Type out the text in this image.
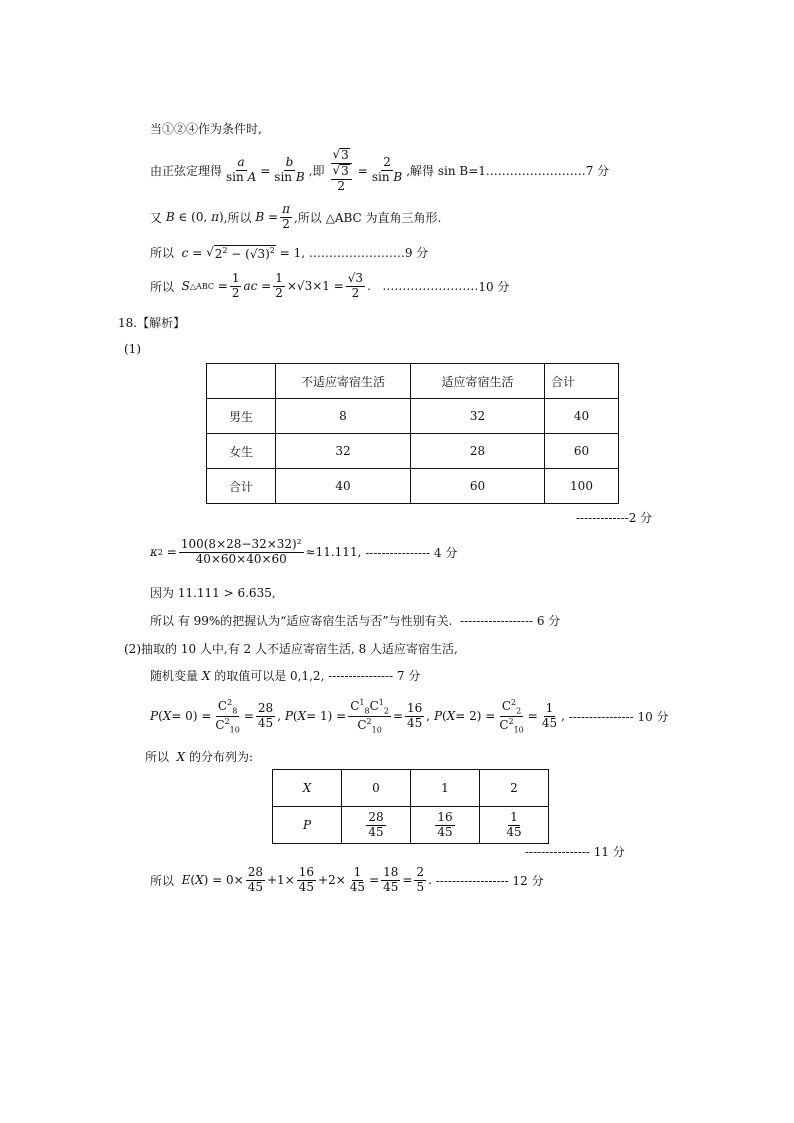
当①②④作为条件时,
由正弦定理得 $\frac{a}{\text{sin A}} = \frac{b}{\text{sin B}}$ ,即 $\frac{√ 3}{\frac{√ 3}{2}} = \frac{2}{\text{sin B}}$ ,解得 sin B=1. …………………… 7 分
又 B ∈ (0, π) ,所以 $B = \frac{\pi}{2}$ ,所以 △ABC 为直角三角形.
所以
c = √ $2^2 - (√3)^2 = 1$, …………………… 9 分
所以
S △ABC = $\frac{1}{2}$ ac = $\frac{1}{2} \times√3\times 1 = \frac{√3}{2}$ .
…………………… 10 分
18.【解析】
(1)
	不适应寄宿生活	适应寄宿生活	合计
男生	8	32	40
女生	32	28	60
合计	40	60	100
-------------2 分
κ $2 = \frac{\text{100(8×28−32×32)²}}{40\times 60\times 40\times 60} \approx 11.111$,
---------------- 4 分
因为 11.111 > 6.635,
所以 有 99%的把握认为“适应寄宿生活与否”与性别有关.
------------------ 6 分
(2)抽取的 10 人中,有 2 人不适应寄宿生活, 8 人适应寄宿生活,
随机变量
X
的取值可以是 0,1,2,
---------------- 7 分
P ( $X = 0) = \frac{C^2_8}{C^2_{10}} = \frac{28}{45}$ , P ( $X = 1) = \frac{C^1_8C^1_2}{C^2_{10}} = \frac{16}{45}$ , P ( $X = 2) = \frac{C^2_2}{C^2_{10}} = \frac{1}{45}$ , ---------------- 10 分
所以
X
的分布列为:
X	0	1	2
P	$\frac{28}{45}$	$\frac{16}{45}$	$\frac{1}{45}$
---------------- 11 分
所以
E ( X ) = $0\times \frac{28}{45} +1\times \frac{16}{45} +2\times \frac{1}{45} = \frac{18}{45} = \frac{2}{5}$ . ------------------ 12 分
